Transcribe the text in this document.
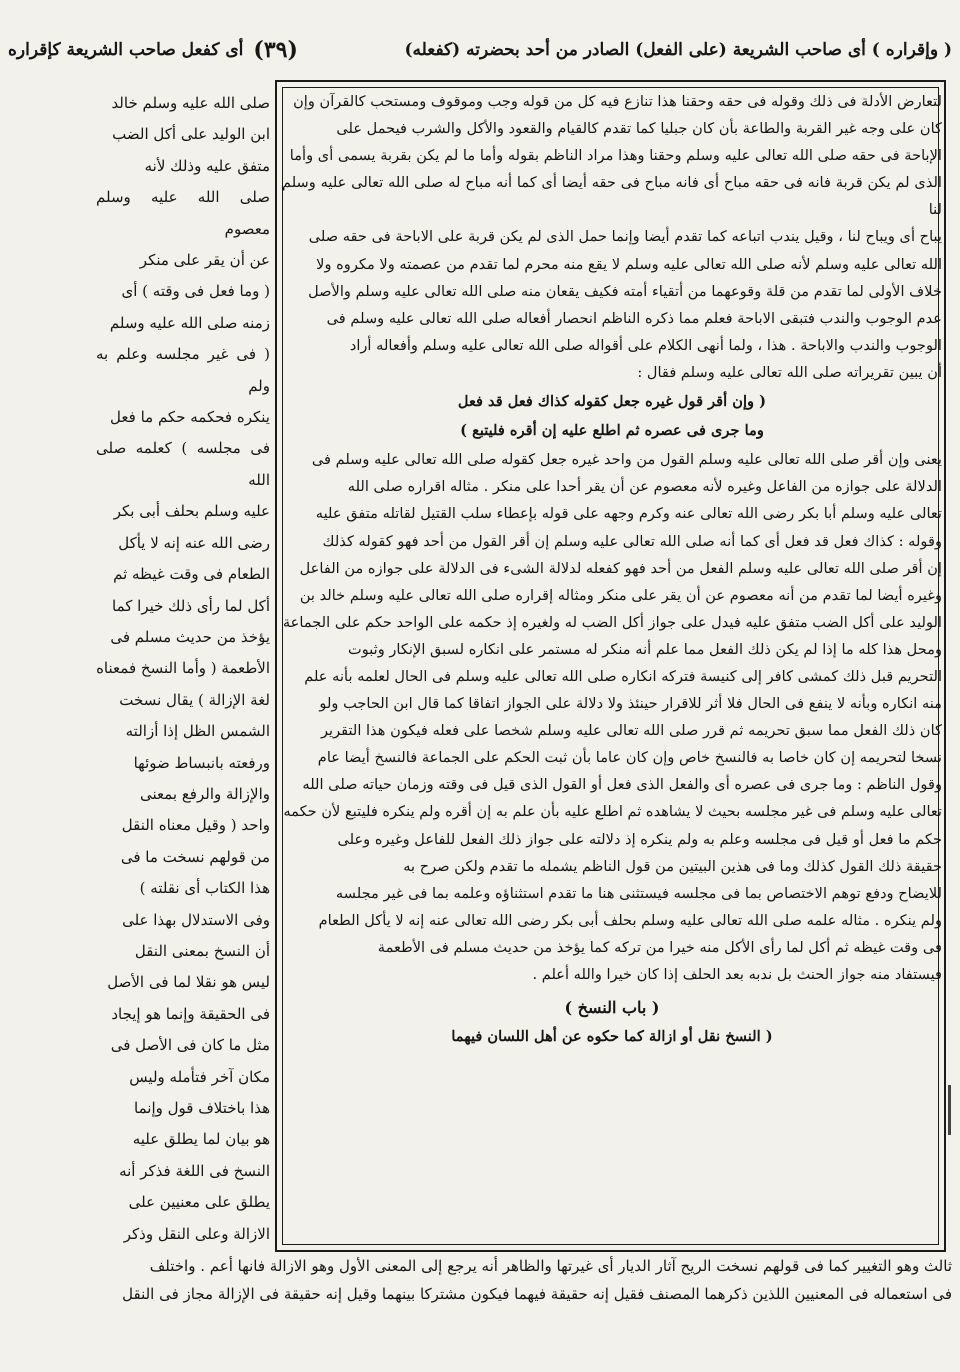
( وإقراره ) أى صاحب الشريعة (على الفعل) الصادر من أحد بحضرته (كفعله)
(٣٩)
أى كفعل صاحب الشريعة كإقراره

لتعارض الأدلة فى ذلك وقوله فى حقه وحقنا هذا تنازع فيه كل من قوله وجب وموقوف ومستحب كالقرآن وإن

كان على وجه غير القربة والطاعة بأن كان جبليا كما تقدم كالقيام والقعود والأكل والشرب فيحمل على

الإباحة فى حقه صلى الله تعالى عليه وسلم وحقنا وهذا مراد الناظم بقوله وأما ما لم يكن بقربة يسمى أى وأما

الذى لم يكن قربة فانه فى حقه مباح أى فانه مباح فى حقه أيضا أى كما أنه مباح له صلى الله تعالى عليه وسلم لنا

يباح أى ويباح لنا ، وقيل يندب اتباعه كما تقدم أيضا وإنما حمل الذى لم يكن قربة على الاباحة فى حقه صلى

الله تعالى عليه وسلم لأنه صلى الله تعالى عليه وسلم لا يقع منه محرم لما تقدم من عصمته ولا مكروه ولا

خلاف الأولى لما تقدم من قلة وقوعهما من أتقياء أمته فكيف يقعان منه صلى الله تعالى عليه وسلم والأصل

عدم الوجوب والندب فتبقى الاباحة فعلم مما ذكره الناظم انحصار أفعاله صلى الله تعالى عليه وسلم فى

الوجوب والندب والاباحة . هذا ، ولما أنهى الكلام على أقواله صلى الله تعالى عليه وسلم وأفعاله أراد

أن يبين تقريراته صلى الله تعالى عليه وسلم فقال :

( وإن أقر قول غيره جعل كقوله كذاك فعل قد فعل

وما جرى فى عصره ثم اطلع عليه إن أقره فليتبع )

يعنى وإن أقر صلى الله تعالى عليه وسلم القول من واحد غيره جعل كقوله صلى الله تعالى عليه وسلم فى

الدلالة على جوازه من الفاعل وغيره لأنه معصوم عن أن يقر أحدا على منكر . مثاله اقراره صلى الله

تعالى عليه وسلم أبا بكر رضى الله تعالى عنه وكرم وجهه على قوله بإعطاء سلب القتيل لقاتله متفق عليه

وقوله : كذاك فعل قد فعل أى كما أنه صلى الله تعالى عليه وسلم إن أقر القول من أحد فهو كقوله كذلك

إن أقر صلى الله تعالى عليه وسلم الفعل من أحد فهو كفعله لدلالة الشىء فى الدلالة على جوازه من الفاعل

وغيره أيضا لما تقدم من أنه معصوم عن أن يقر على منكر ومثاله إقراره صلى الله تعالى عليه وسلم خالد بن

الوليد على أكل الضب متفق عليه فيدل على جواز أكل الضب له ولغيره إذ حكمه على الواحد حكم على الجماعة

ومحل هذا كله ما إذا لم يكن ذلك الفعل مما علم أنه منكر له مستمر على انكاره لسبق الإنكار وثبوت

التحريم قبل ذلك كمشى كافر إلى كنيسة فتركه انكاره صلى الله تعالى عليه وسلم فى الحال لعلمه بأنه علم

منه انكاره وبأنه لا ينفع فى الحال فلا أثر للاقرار حينئذ ولا دلالة على الجواز اتفاقا كما قال ابن الحاجب ولو

كان ذلك الفعل مما سبق تحريمه ثم قرر صلى الله تعالى عليه وسلم شخصا على فعله فيكون هذا التقرير

نسخا لتحريمه إن كان خاصا به فالنسخ خاص وإن كان عاما بأن ثبت الحكم على الجماعة فالنسخ أيضا عام

وقول الناظم : وما جرى فى عصره أى والفعل الذى فعل أو القول الذى قيل فى وقته وزمان حياته صلى الله

تعالى عليه وسلم فى غير مجلسه بحيث لا يشاهده ثم اطلع عليه بأن علم به إن أقره ولم ينكره فليتبع لأن حكمه

حكم ما فعل أو قيل فى مجلسه وعلم به ولم ينكره إذ دلالته على جواز ذلك الفعل للفاعل وغيره وعلى

حقيقة ذلك القول كذلك وما فى هذين البيتين من قول الناظم يشمله ما تقدم ولكن صرح به

للايضاح ودفع توهم الاختصاص بما فى مجلسه فيستثنى هنا ما تقدم استثناؤه وعلمه بما فى غير مجلسه

ولم ينكره . مثاله علمه صلى الله تعالى عليه وسلم بحلف أبى بكر رضى الله تعالى عنه إنه لا يأكل الطعام

فى وقت غيظه ثم أكل لما رأى الأكل منه خيرا من تركه كما يؤخذ من حديث مسلم فى الأطعمة

فيستفاد منه جواز الحنث بل ندبه بعد الحلف إذا كان خيرا والله أعلم .

( باب النسخ )

( النسخ نقل أو ازالة كما حكوه عن أهل اللسان فيهما

صلى الله عليه وسلم خالد

ابن الوليد على أكل الضب

متفق عليه وذلك لأنه

صلى الله عليه وسلم معصوم

عن أن يقر على منكر

( وما فعل فى وقته ) أى

زمنه صلى الله عليه وسلم

( فى غير مجلسه وعلم به ولم

ينكره فحكمه حكم ما فعل

فى مجلسه ) كعلمه صلى الله

عليه وسلم بحلف أبى بكر

رضى الله عنه إنه لا يأكل

الطعام فى وقت غيظه ثم

أكل لما رأى ذلك خيرا كما

يؤخذ من حديث مسلم فى

الأطعمة ( وأما النسخ فمعناه

لغة الإزالة ) يقال نسخت

الشمس الظل إذا أزالته

ورفعته بانبساط ضوئها

والإزالة والرفع بمعنى

واحد ( وقيل معناه النقل

من قولهم نسخت ما فى

هذا الكتاب أى نقلته )

وفى الاستدلال بهذا على

أن النسخ بمعنى النقل

ليس هو نقلا لما فى الأصل

فى الحقيقة وإنما هو إيجاد

مثل ما كان فى الأصل فى

مكان آخر فتأمله وليس

هذا باختلاف قول وإنما

هو بيان لما يطلق عليه

النسخ فى اللغة فذكر أنه

يطلق على معنيين على

الازالة وعلى النقل وذكر

ثالث وهو التغيير كما فى قولهم نسخت الريح آثار الديار أى غيرتها والظاهر أنه يرجع إلى المعنى الأول وهو الازالة فانها أعم . واختلف

فى استعماله فى المعنيين اللذين ذكرهما المصنف فقيل إنه حقيقة فيهما فيكون مشتركا بينهما وقيل إنه حقيقة فى الإزالة مجاز فى النقل
